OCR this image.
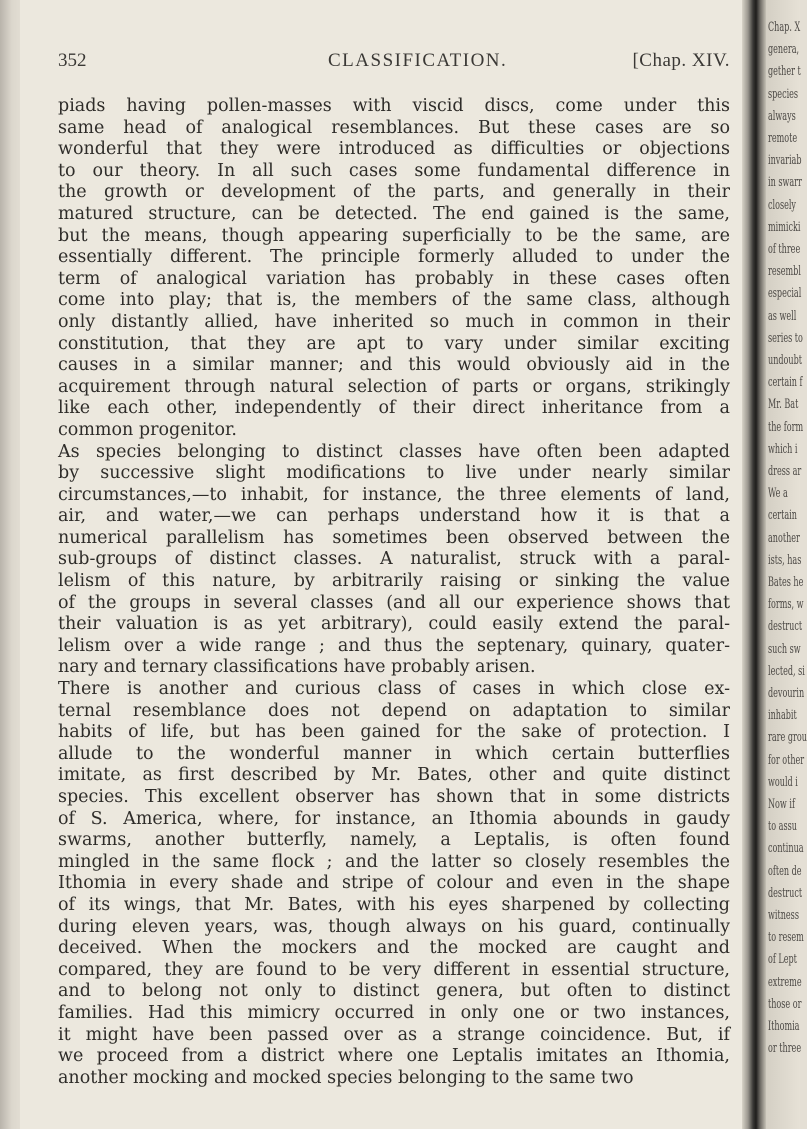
352	CLASSIFICATION.	[Chap. XIV.
piads having pollen-masses with viscid discs, come under this
same head of analogical resemblances. But these cases are so
wonderful that they were introduced as difficulties or objections
to our theory. In all such cases some fundamental difference in
the growth or development of the parts, and generally in their
matured structure, can be detected. The end gained is the same,
but the means, though appearing superficially to be the same, are
essentially different. The principle formerly alluded to under the
term of analogical variation has probably in these cases often
come into play; that is, the members of the same class, although
only distantly allied, have inherited so much in common in their
constitution, that they are apt to vary under similar exciting
causes in a similar manner; and this would obviously aid in the
acquirement through natural selection of parts or organs, strikingly
like each other, independently of their direct inheritance from a
common progenitor.
As species belonging to distinct classes have often been adapted
by successive slight modifications to live under nearly similar
circumstances,—to inhabit, for instance, the three elements of land,
air, and water,—we can perhaps understand how it is that a
numerical parallelism has sometimes been observed between the
sub-groups of distinct classes. A naturalist, struck with a paral-
lelism of this nature, by arbitrarily raising or sinking the value
of the groups in several classes (and all our experience shows that
their valuation is as yet arbitrary), could easily extend the paral-
lelism over a wide range ; and thus the septenary, quinary, quater-
nary and ternary classifications have probably arisen.
There is another and curious class of cases in which close ex-
ternal resemblance does not depend on adaptation to similar
habits of life, but has been gained for the sake of protection. I
allude to the wonderful manner in which certain butterflies
imitate, as first described by Mr. Bates, other and quite distinct
species. This excellent observer has shown that in some districts
of S. America, where, for instance, an Ithomia abounds in gaudy
swarms, another butterfly, namely, a Leptalis, is often found
mingled in the same flock ; and the latter so closely resembles the
Ithomia in every shade and stripe of colour and even in the shape
of its wings, that Mr. Bates, with his eyes sharpened by collecting
during eleven years, was, though always on his guard, continually
deceived. When the mockers and the mocked are caught and
compared, they are found to be very different in essential structure,
and to belong not only to distinct genera, but often to distinct
families. Had this mimicry occurred in only one or two instances,
it might have been passed over as a strange coincidence. But, if
we proceed from a district where one Leptalis imitates an Ithomia,
another mocking and mocked species belonging to the same two
Chap. X
genera,
gether t
species
always
remote
invariab
in swarr
closely
mimicki
of three
resembl
especial
as well
series to
undoubt
certain f
Mr. Bat
the form
which i
dress ar
We a
certain
another
ists, has
Bates he
forms, w
destruct
such sw
lected, si
devourin
inhabit
rare grou
for other
would i
Now if
to assu
continua
often de
destruct
witness
to resem
of Lept
extreme
those or
Ithomia
or three
